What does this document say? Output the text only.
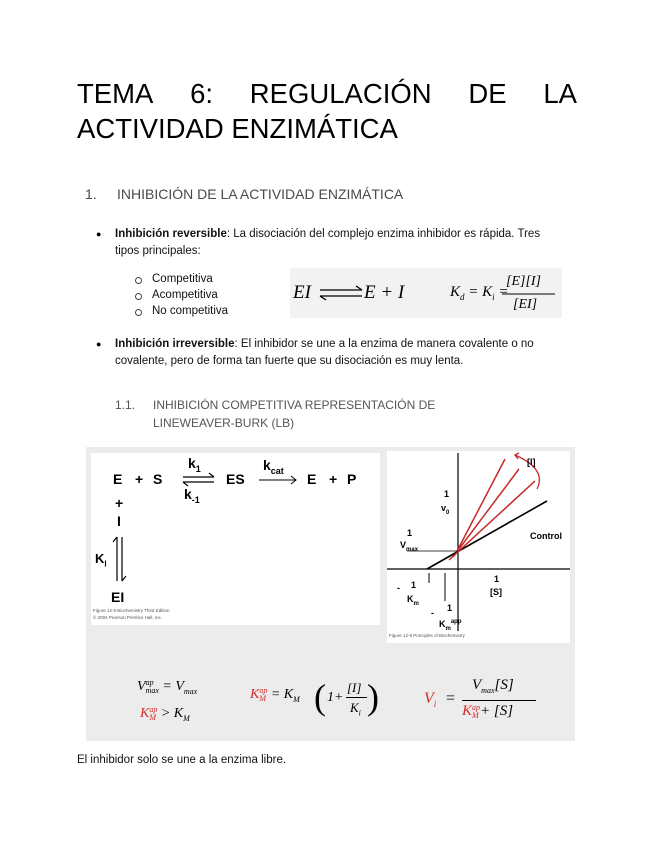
TEMA 6: REGULACIÓN DE LA
ACTIVIDAD ENZIMÁTICA
1. INHIBICIÓN DE LA ACTIVIDAD ENZIMÁTICA
● Inhibición reversible: La disociación del complejo enzima inhibidor es rápida. Tres
tipos principales:
Competitiva
Acompetitiva
No competitiva
EI	E + I	$K_d = K_i$ =
[E][I]
[EI]
● Inhibición irreversible: El inhibidor se une a la enzima de manera covalente o no
covalente, pero de forma tan fuerte que su disociación es muy lenta.
1.1. INHIBICIÓN COMPETITIVA REPRESENTACIÓN DE
LINEWEAVER-BURK (LB)
E + S
$k_1$
$k_{-1}$
ES
$k_{cat}$
E + P
+
I
$K_I$
EI
Figure 12-9 Biochemistry Third Edition
© 2004 Pearson Prentice Hall, Inc.
[I]
1
$v_0$
1
$V_{max}$
Control
1
[S]
- 1
$K_m$
- 1
$K_m^{app}$
Figure 12-9 Principles of Biochemistry
Vap
$\max = V_{max}$
Kap
$M > K_M$
Kap
$M = K_M$ ( 1+
[I]
$K_i$ )	$V_i$ =
$V_{max}[S]$
Kap
M+ [S]
El inhibidor solo se une a la enzima libre.
